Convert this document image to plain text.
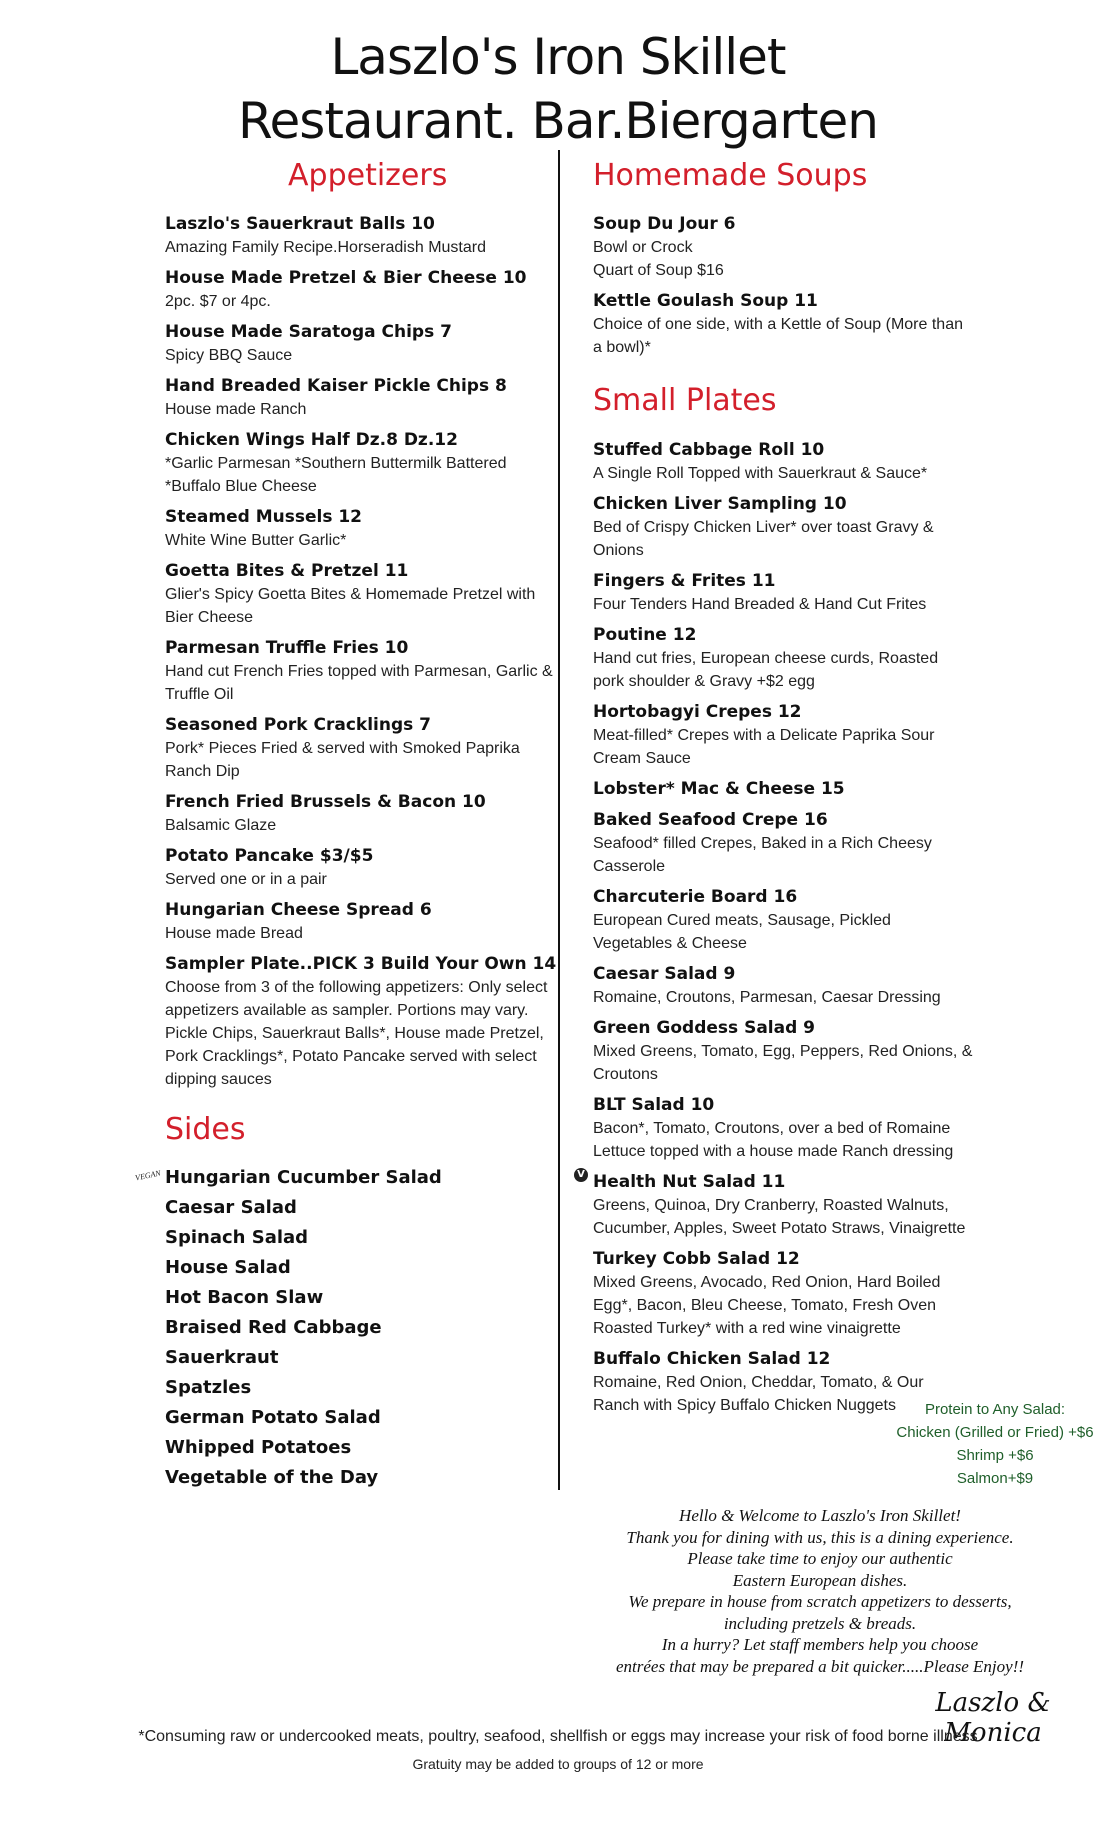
Laszlo's Iron Skillet
Restaurant. Bar.Biergarten
Appetizers
Laszlo's Sauerkraut Balls 10
Amazing Family Recipe.Horseradish Mustard
House Made Pretzel & Bier Cheese 10
2pc. $7 or 4pc.
House Made Saratoga Chips 7
Spicy BBQ Sauce
Hand Breaded Kaiser Pickle Chips 8
House made Ranch
Chicken Wings Half Dz.8 Dz.12
*Garlic Parmesan *Southern Buttermilk Battered *Buffalo Blue Cheese
Steamed Mussels 12
White Wine Butter Garlic*
Goetta Bites & Pretzel 11
Glier's Spicy Goetta Bites & Homemade Pretzel with Bier Cheese
Parmesan Truffle Fries 10
Hand cut French Fries topped with Parmesan, Garlic & Truffle Oil
Seasoned Pork Cracklings 7
Pork* Pieces Fried & served with Smoked Paprika Ranch Dip
French Fried Brussels & Bacon 10
Balsamic Glaze
Potato Pancake $3/$5
Served one or in a pair
Hungarian Cheese Spread 6
House made Bread
Sampler Plate..PICK 3 Build Your Own 14
Choose from 3 of the following appetizers: Only select appetizers available as sampler. Portions may vary. Pickle Chips, Sauerkraut Balls*, House made Pretzel, Pork Cracklings*, Potato Pancake served with select dipping sauces
Sides
VEGAN Hungarian Cucumber Salad
Caesar Salad
Spinach Salad
House Salad
Hot Bacon Slaw
Braised Red Cabbage
Sauerkraut
Spatzles
German Potato Salad
Whipped Potatoes
Vegetable of the Day
Homemade Soups
Soup Du Jour 6
Bowl or Crock
Quart of Soup $16
Kettle Goulash Soup 11
Choice of one side, with a Kettle of Soup (More than a bowl)*
Small Plates
Stuffed Cabbage Roll 10
A Single Roll Topped with Sauerkraut & Sauce*
Chicken Liver Sampling 10
Bed of Crispy Chicken Liver* over toast Gravy & Onions
Fingers & Frites 11
Four Tenders Hand Breaded & Hand Cut Frites
Poutine 12
Hand cut fries, European cheese curds, Roasted pork shoulder & Gravy +$2 egg
Hortobagyi Crepes 12
Meat-filled* Crepes with a Delicate Paprika Sour Cream Sauce
Lobster* Mac & Cheese 15
Baked Seafood Crepe 16
Seafood* filled Crepes, Baked in a Rich Cheesy Casserole
Charcuterie Board 16
European Cured meats, Sausage, Pickled Vegetables & Cheese
Caesar Salad 9
Romaine, Croutons, Parmesan, Caesar Dressing
Green Goddess Salad 9
Mixed Greens, Tomato, Egg, Peppers, Red Onions, & Croutons
BLT Salad 10
Bacon*, Tomato, Croutons, over a bed of Romaine Lettuce topped with a house made Ranch dressing
Health Nut Salad 11
Greens, Quinoa, Dry Cranberry, Roasted Walnuts, Cucumber, Apples, Sweet Potato Straws, Vinaigrette
Turkey Cobb Salad 12
Mixed Greens, Avocado, Red Onion, Hard Boiled Egg*, Bacon, Bleu Cheese, Tomato, Fresh Oven Roasted Turkey* with a red wine vinaigrette
Buffalo Chicken Salad 12
Romaine, Red Onion, Cheddar, Tomato, & Our Ranch with Spicy Buffalo Chicken Nuggets
V
Protein to Any Salad:
Chicken (Grilled or Fried) +$6
Shrimp +$6
Salmon+$9
Hello & Welcome to Laszlo's Iron Skillet!
Thank you for dining with us, this is a dining experience.
Please take time to enjoy our authentic
Eastern European dishes.
We prepare in house from scratch appetizers to desserts,
including pretzels & breads.
In a hurry? Let staff members help you choose
entrées that may be prepared a bit quicker.....Please Enjoy!!
Laszlo & Monica
*Consuming raw or undercooked meats, poultry, seafood, shellfish or eggs may increase your risk of food borne illness
Gratuity may be added to groups of 12 or more
